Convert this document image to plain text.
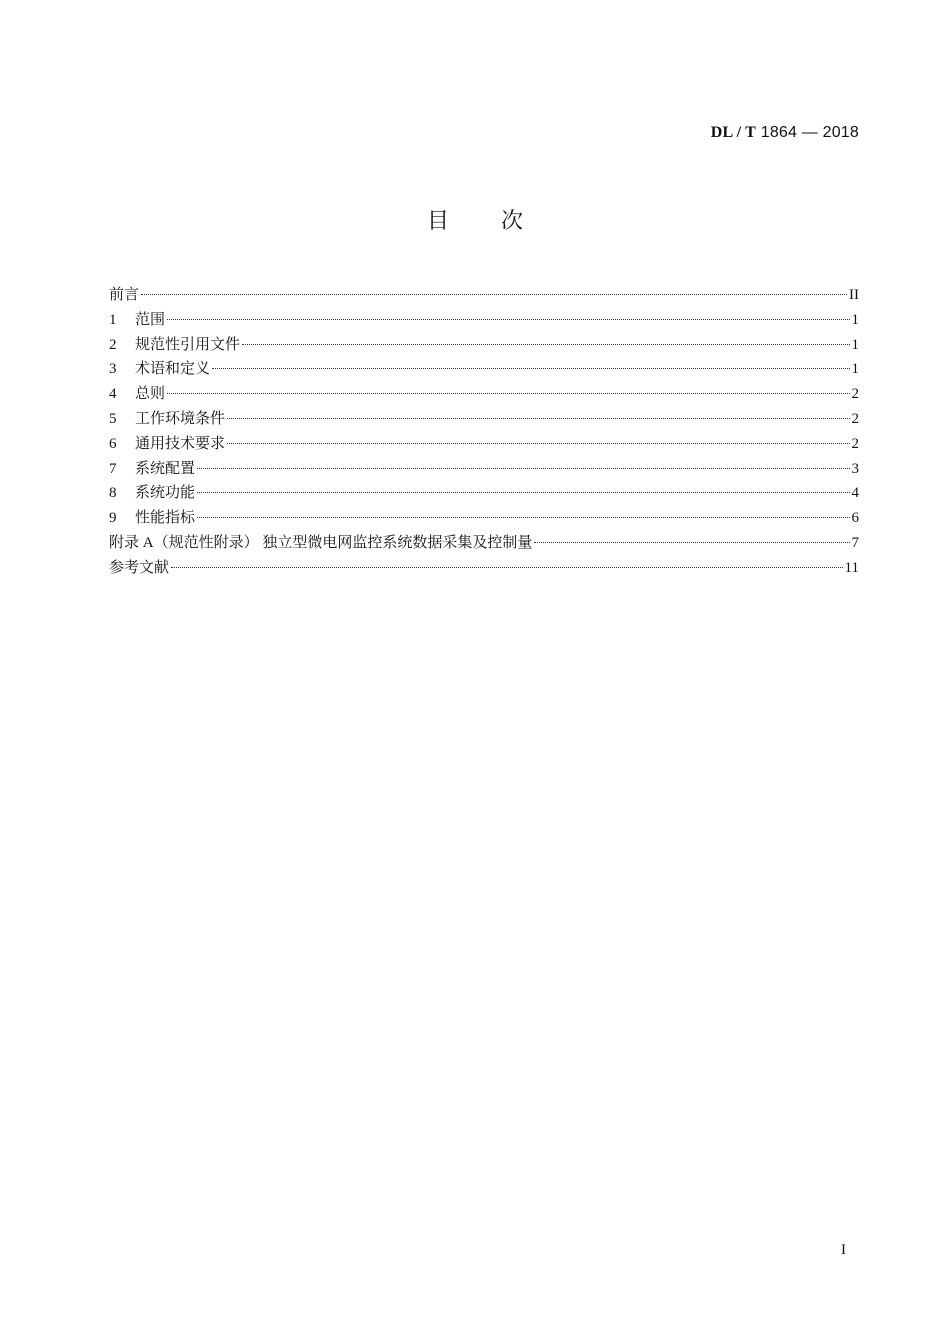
DL / T 1864 — 2018
目 次
前言	II
1	范围	1
2	规范性引用文件	1
3	术语和定义	1
4	总则	2
5	工作环境条件	2
6	通用技术要求	2
7	系统配置	3
8	系统功能	4
9	性能指标	6
附录 A（规范性附录） 独立型微电网监控系统数据采集及控制量	7
参考文献	11
I
